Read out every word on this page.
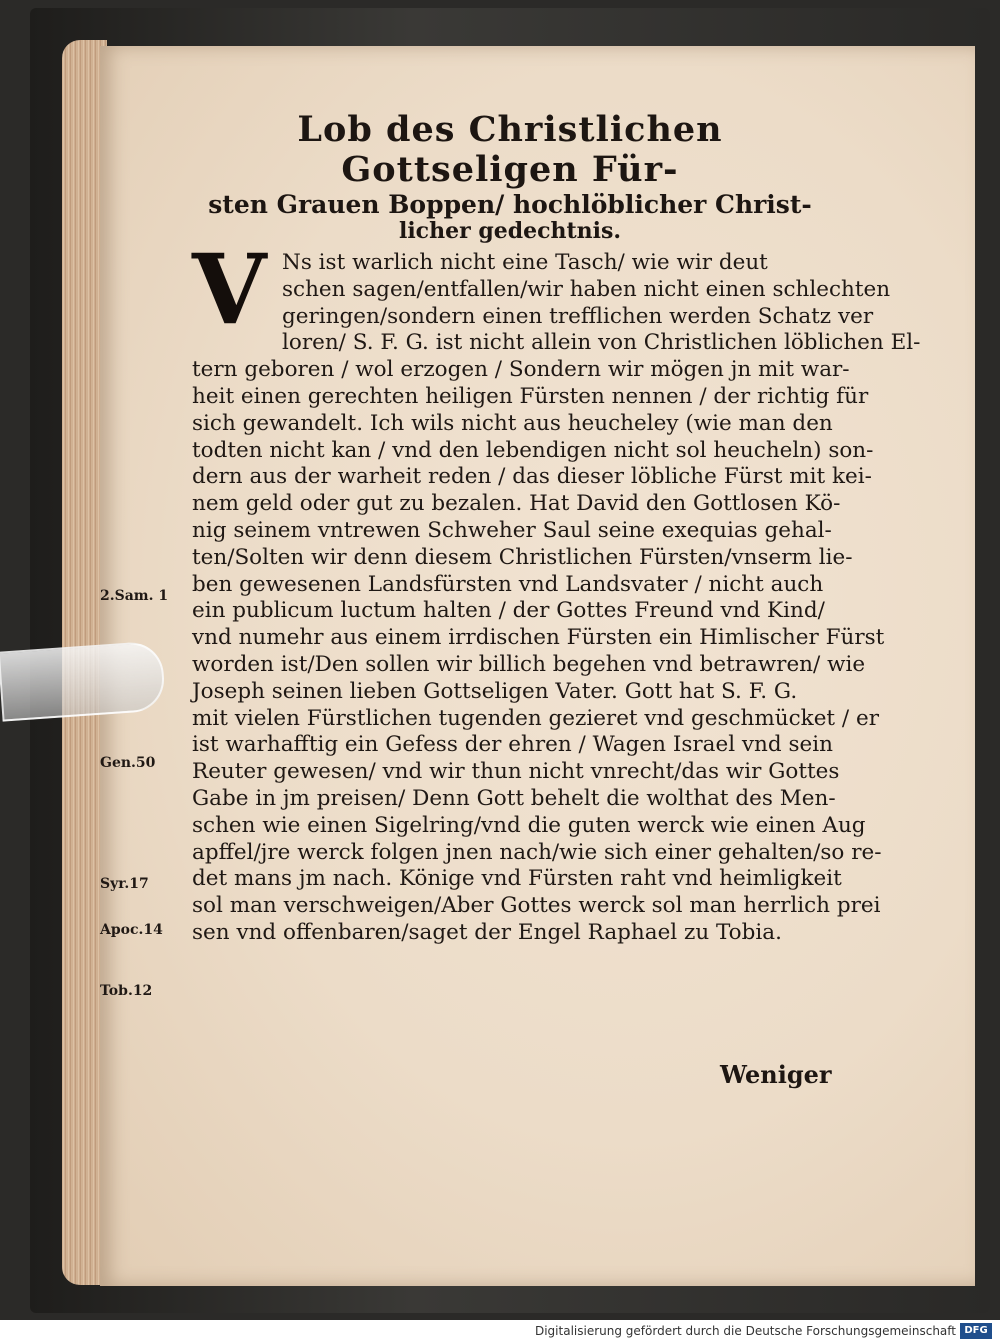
Lob des Christlichen Gottseligen Für-
sten Grauen Boppen/ hochlöblicher Christ-
licher gedechtnis.
V Ns ist warlich nicht eine Tasch/ wie wir deut
schen sagen/entfallen/wir haben nicht einen schlechten
geringen/sondern einen trefflichen werden Schatz ver
loren/ S. F. G. ist nicht allein von Christlichen löblichen El-
tern geboren / wol erzogen / Sondern wir mögen jn mit war-
heit einen gerechten heiligen Fürsten nennen / der richtig für
sich gewandelt. Ich wils nicht aus heucheley (wie man den
todten nicht kan / vnd den lebendigen nicht sol heucheln) son-
dern aus der warheit reden / das dieser löbliche Fürst mit kei-
nem geld oder gut zu bezalen. Hat David den Gottlosen Kö-
nig seinem vntrewen Schweher Saul seine exequias gehal-
ten/Solten wir denn diesem Christlichen Fürsten/vnserm lie-
ben gewesenen Landsfürsten vnd Landsvater / nicht auch
ein publicum luctum halten / der Gottes Freund vnd Kind/
vnd numehr aus einem irrdischen Fürsten ein Himlischer Fürst
worden ist/Den sollen wir billich begehen vnd betrawren/ wie
Joseph seinen lieben Gottseligen Vater. Gott hat S. F. G.
mit vielen Fürstlichen tugenden gezieret vnd geschmücket / er
ist warhafftig ein Gefess der ehren / Wagen Israel vnd sein
Reuter gewesen/ vnd wir thun nicht vnrecht/das wir Gottes
Gabe in jm preisen/ Denn Gott behelt die wolthat des Men-
schen wie einen Sigelring/vnd die guten werck wie einen Aug
apffel/jre werck folgen jnen nach/wie sich einer gehalten/so re-
det mans jm nach. Könige vnd Fürsten raht vnd heimligkeit
sol man verschweigen/Aber Gottes werck sol man herrlich prei
sen vnd offenbaren/saget der Engel Raphael zu Tobia.
2.Sam. 1
Gen.50
Syr.17
Apoc.14
Tob.12
Weniger
Digitalisierung gefördert durch die Deutsche Forschungsgemeinschaft DFG
